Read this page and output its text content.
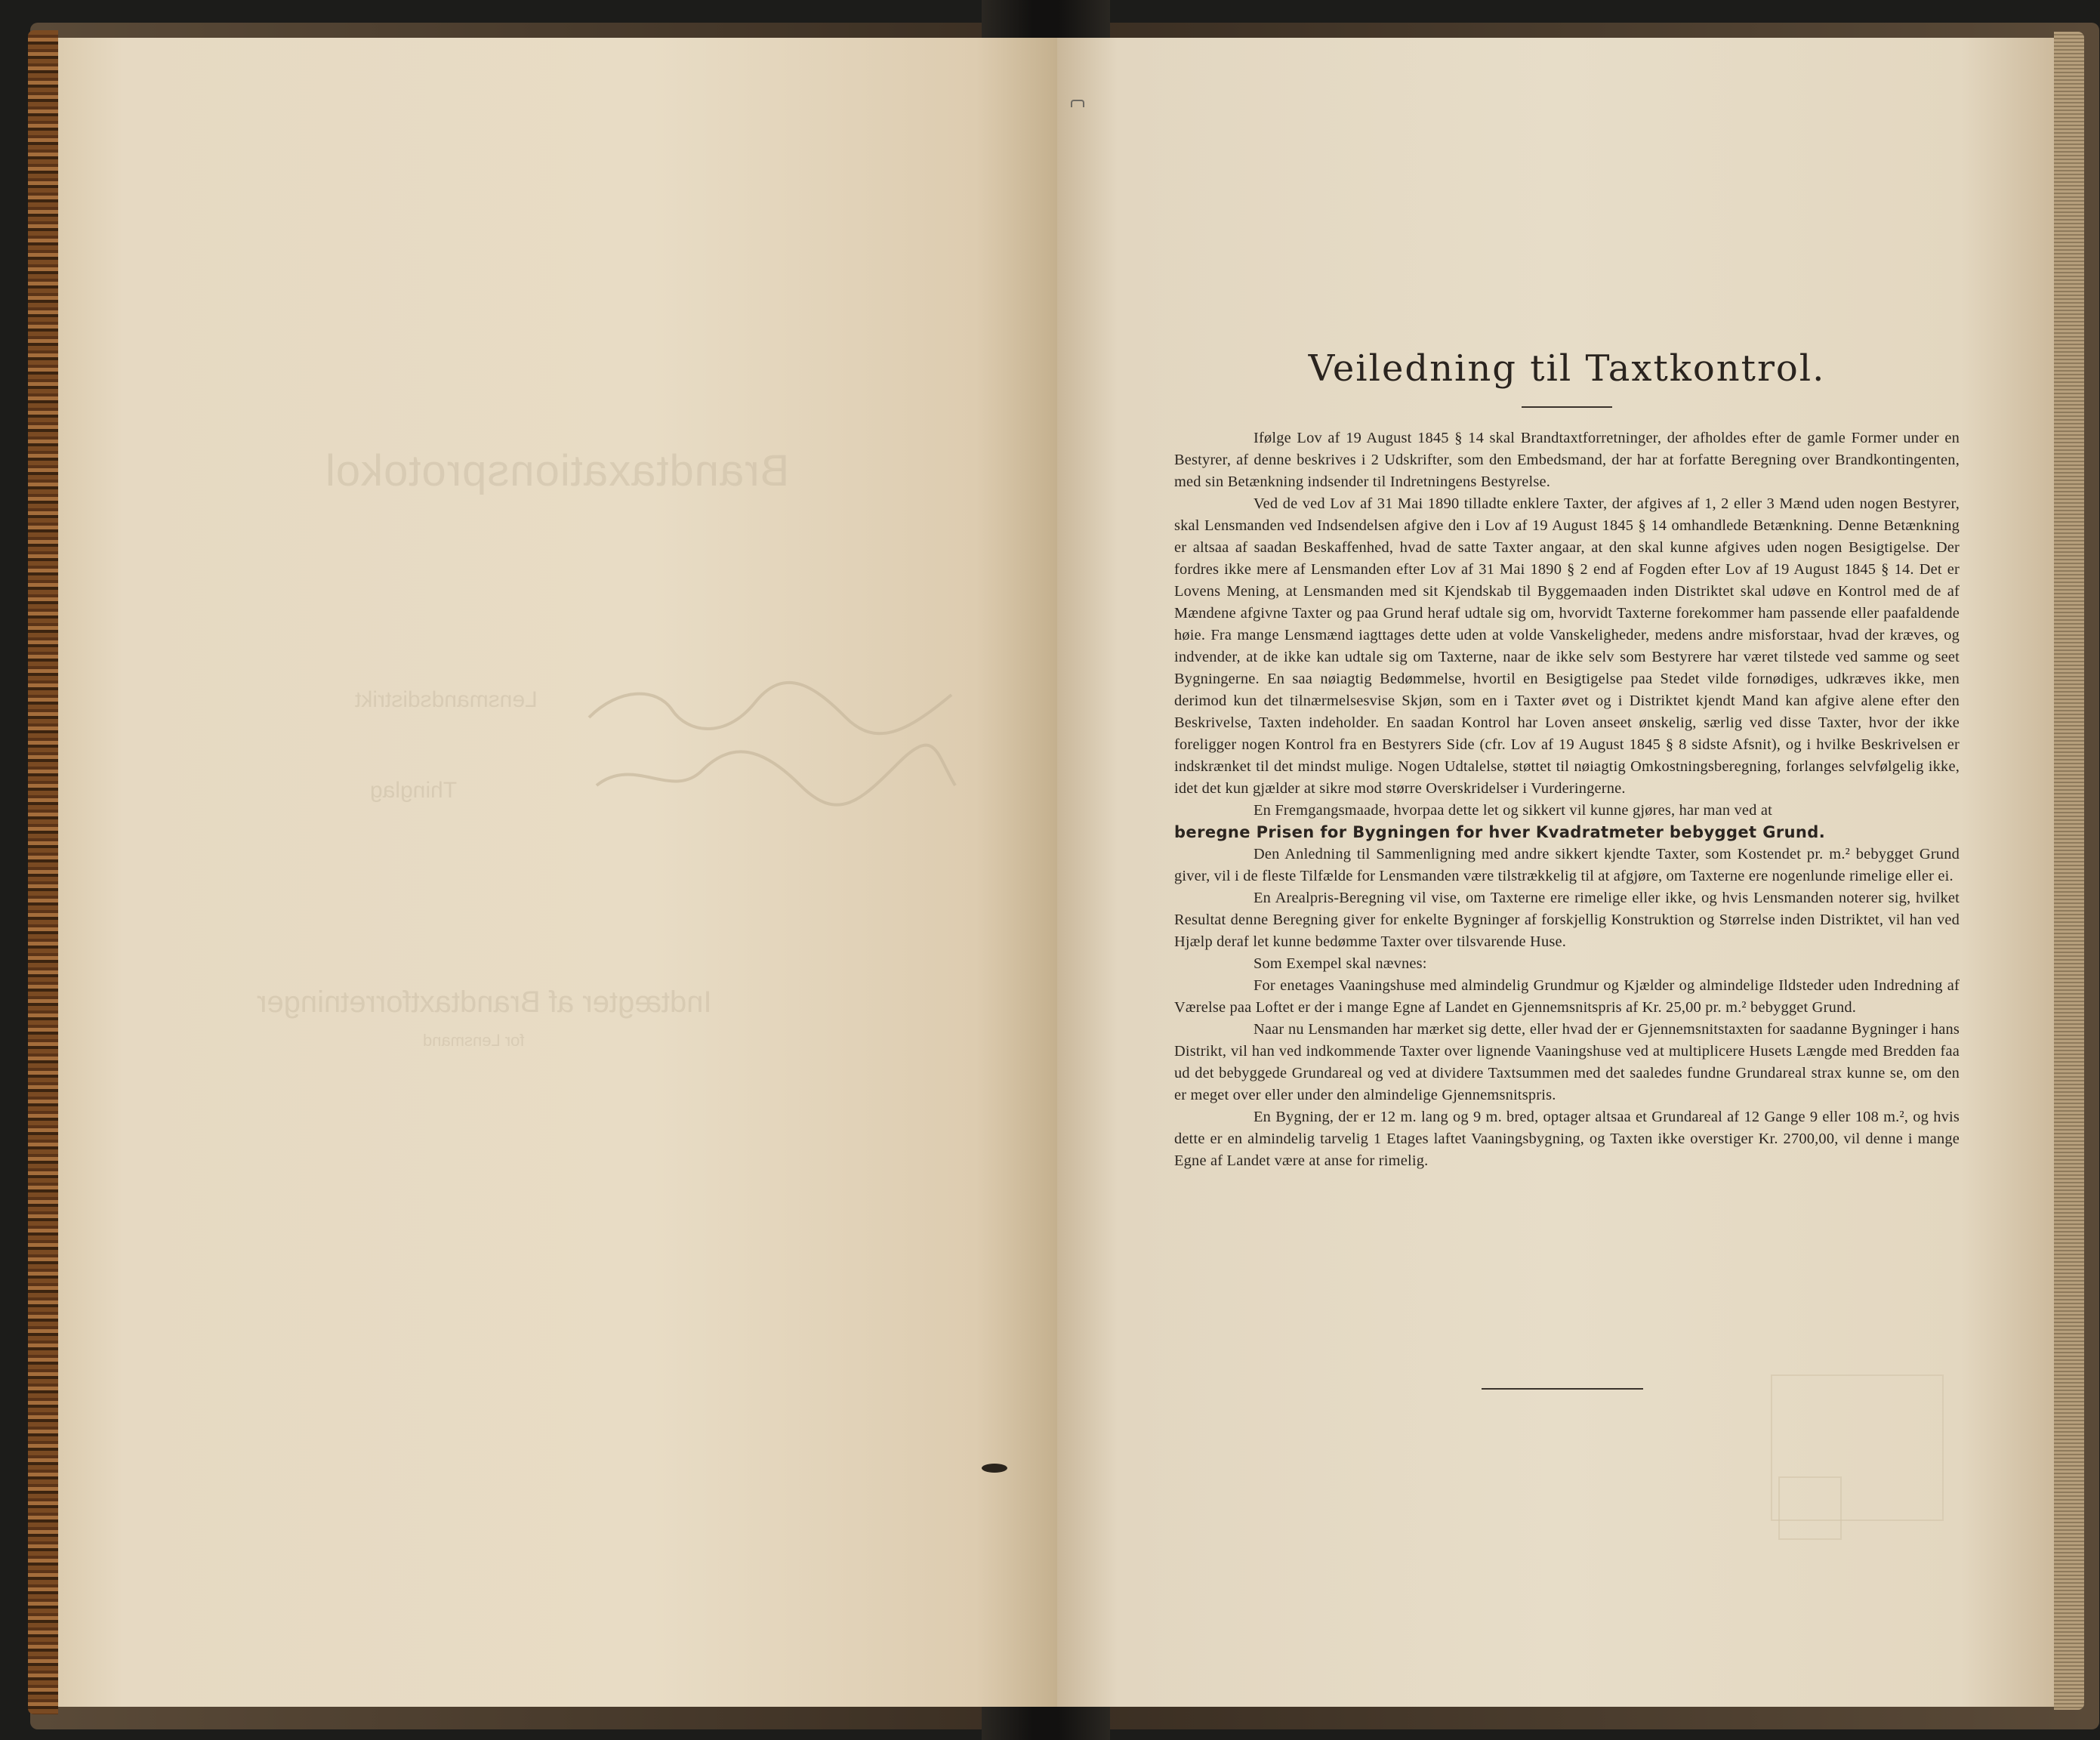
Brandtaxationsprotokol
Lensmandsdistrikt
Thinglag
Indtægter af Brandtaxtforretninger
for Lensmand
Veiledning til Taxtkontrol.

Ifølge Lov af 19 August 1845 § 14 skal Brandtaxtforretninger, der afholdes efter de gamle Former under en Bestyrer, af denne beskrives i 2 Udskrifter, som den Embedsmand, der har at forfatte Beregning over Brandkontingenten, med sin Betænkning indsender til Indretningens Bestyrelse.

Ved de ved Lov af 31 Mai 1890 tilladte enklere Taxter, der afgives af 1, 2 eller 3 Mænd uden nogen Bestyrer, skal Lensmanden ved Indsendelsen afgive den i Lov af 19 August 1845 § 14 omhandlede Betænkning. Denne Betænkning er altsaa af saadan Beskaffenhed, hvad de satte Taxter angaar, at den skal kunne afgives uden nogen Besigtigelse. Der fordres ikke mere af Lensmanden efter Lov af 31 Mai 1890 § 2 end af Fogden efter Lov af 19 August 1845 § 14. Det er Lovens Mening, at Lensmanden med sit Kjendskab til Byggemaaden inden Distriktet skal udøve en Kontrol med de af Mændene afgivne Taxter og paa Grund heraf udtale sig om, hvorvidt Taxterne forekommer ham passende eller paafaldende høie. Fra mange Lensmænd iagttages dette uden at volde Vanskeligheder, medens andre misforstaar, hvad der kræves, og indvender, at de ikke kan udtale sig om Taxterne, naar de ikke selv som Bestyrere har været tilstede ved samme og seet Bygningerne. En saa nøiagtig Bedømmelse, hvortil en Besigtigelse paa Stedet vilde fornødiges, udkræves ikke, men derimod kun det tilnærmelsesvise Skjøn, som en i Taxter øvet og i Distriktet kjendt Mand kan afgive alene efter den Beskrivelse, Taxten indeholder. En saadan Kontrol har Loven anseet ønskelig, særlig ved disse Taxter, hvor der ikke foreligger nogen Kontrol fra en Bestyrers Side (cfr. Lov af 19 August 1845 § 8 sidste Afsnit), og i hvilke Beskrivelsen er indskrænket til det mindst mulige. Nogen Udtalelse, støttet til nøiagtig Omkostningsberegning, forlanges selvfølgelig ikke, idet det kun gjælder at sikre mod større Overskridelser i Vurderingerne.

En Fremgangsmaade, hvorpaa dette let og sikkert vil kunne gjøres, har man ved at

beregne Prisen for Bygningen for hver Kvadratmeter bebygget Grund.

Den Anledning til Sammenligning med andre sikkert kjendte Taxter, som Kostendet pr. m.² bebygget Grund giver, vil i de fleste Tilfælde for Lensmanden være tilstrækkelig til at afgjøre, om Taxterne ere nogenlunde rimelige eller ei.

En Arealpris-Beregning vil vise, om Taxterne ere rimelige eller ikke, og hvis Lensmanden noterer sig, hvilket Resultat denne Beregning giver for enkelte Bygninger af forskjellig Konstruktion og Størrelse inden Distriktet, vil han ved Hjælp deraf let kunne bedømme Taxter over tilsvarende Huse.

Som Exempel skal nævnes:

For enetages Vaaningshuse med almindelig Grundmur og Kjælder og almindelige Ildsteder uden Indredning af Værelse paa Loftet er der i mange Egne af Landet en Gjennemsnitspris af Kr. 25,00 pr. m.² bebygget Grund.

Naar nu Lensmanden har mærket sig dette, eller hvad der er Gjennemsnitstaxten for saadanne Bygninger i hans Distrikt, vil han ved indkommende Taxter over lignende Vaaningshuse ved at multiplicere Husets Længde med Bredden faa ud det bebyggede Grundareal og ved at dividere Taxtsummen med det saaledes fundne Grundareal strax kunne se, om den er meget over eller under den almindelige Gjennemsnitspris.

En Bygning, der er 12 m. lang og 9 m. bred, optager altsaa et Grundareal af 12 Gange 9 eller 108 m.², og hvis dette er en almindelig tarvelig 1 Etages laftet Vaaningsbygning, og Taxten ikke overstiger Kr. 2700,00, vil denne i mange Egne af Landet være at anse for rimelig.
